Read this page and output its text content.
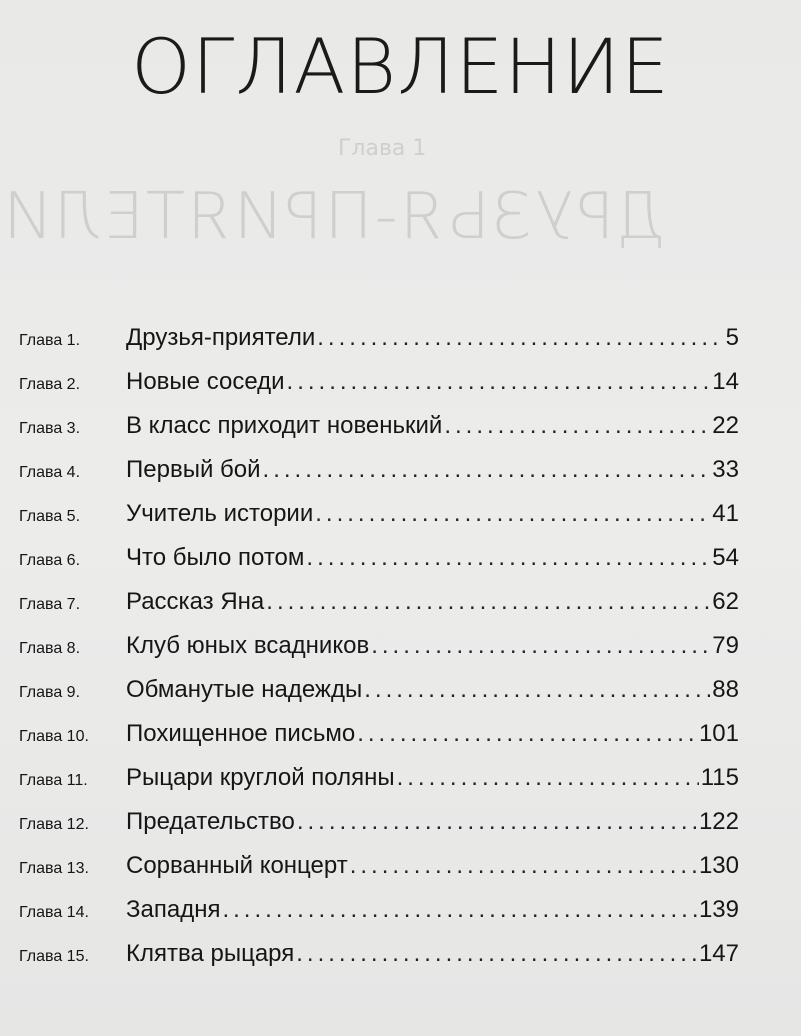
Глава 1
ДРУЗЬЯ-ПРИЯТЕЛИ
ОГЛАВЛЕНИЕ
Глава 1. Друзья-приятели .....	5
Глава 2. Новые соседи .....	14
Глава 3. В класс приходит новенький .....	22
Глава 4. Первый бой .....	33
Глава 5. Учитель истории .....	41
Глава 6. Что было потом .....	54
Глава 7. Рассказ Яна .....	62
Глава 8. Клуб юных всадников .....	79
Глава 9. Обманутые надежды .....	88
Глава 10. Похищенное письмо .....	101
Глава 11. Рыцари круглой поляны .....	115
Глава 12. Предательство .....	122
Глава 13. Сорванный концерт .....	130
Глава 14. Западня .....	139
Глава 15. Клятва рыцаря .....	147
